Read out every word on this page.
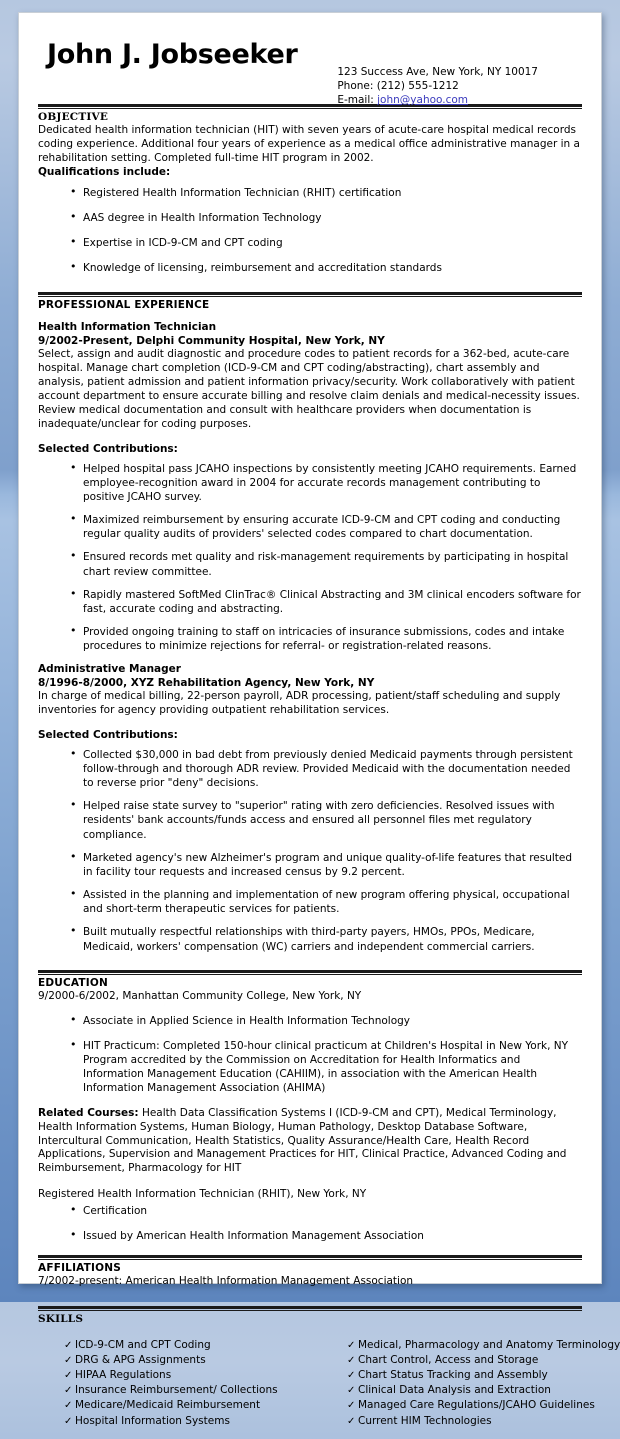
John J. Jobseeker
123 Success Ave, New York, NY 10017
Phone: (212) 555-1212
E-mail: john@yahoo.com
OBJECTIVE

Dedicated health information technician (HIT) with seven years of acute-care hospital medical records coding experience. Additional four years of experience as a medical office administrative manager in a rehabilitation setting. Completed full-time HIT program in 2002.

Qualifications include:
• Registered Health Information Technician (RHIT) certification
• AAS degree in Health Information Technology
• Expertise in ICD-9-CM and CPT coding
• Knowledge of licensing, reimbursement and accreditation standards
PROFESSIONAL EXPERIENCE
Health Information Technician
9/2002-Present, Delphi Community Hospital, New York, NY

Select, assign and audit diagnostic and procedure codes to patient records for a 362-bed, acute-care hospital. Manage chart completion (ICD-9-CM and CPT coding/abstracting), chart assembly and analysis, patient admission and patient information privacy/security. Work collaboratively with patient account department to ensure accurate billing and resolve claim denials and medical-necessity issues. Review medical documentation and consult with healthcare providers when documentation is inadequate/unclear for coding purposes.

Selected Contributions:
• Helped hospital pass JCAHO inspections by consistently meeting JCAHO requirements. Earned employee-recognition award in 2004 for accurate records management contributing to positive JCAHO survey.
• Maximized reimbursement by ensuring accurate ICD-9-CM and CPT coding and conducting regular quality audits of providers' selected codes compared to chart documentation.
• Ensured records met quality and risk-management requirements by participating in hospital chart review committee.
• Rapidly mastered SoftMed ClinTrac® Clinical Abstracting and 3M clinical encoders software for fast, accurate coding and abstracting.
• Provided ongoing training to staff on intricacies of insurance submissions, codes and intake procedures to minimize rejections for referral- or registration-related reasons.
Administrative Manager
8/1996-8/2000, XYZ Rehabilitation Agency, New York, NY

In charge of medical billing, 22-person payroll, ADR processing, patient/staff scheduling and supply inventories for agency providing outpatient rehabilitation services.

Selected Contributions:
• Collected $30,000 in bad debt from previously denied Medicaid payments through persistent follow-through and thorough ADR review. Provided Medicaid with the documentation needed to reverse prior "deny" decisions.
• Helped raise state survey to "superior" rating with zero deficiencies. Resolved issues with residents' bank accounts/funds access and ensured all personnel files met regulatory compliance.
• Marketed agency's new Alzheimer's program and unique quality-of-life features that resulted in facility tour requests and increased census by 9.2 percent.
• Assisted in the planning and implementation of new program offering physical, occupational and short-term therapeutic services for patients.
• Built mutually respectful relationships with third-party payers, HMOs, PPOs, Medicare, Medicaid, workers' compensation (WC) carriers and independent commercial carriers.
EDUCATION

9/2000-6/2002, Manhattan Community College, New York, NY

• Associate in Applied Science in Health Information Technology
• HIT Practicum: Completed 150-hour clinical practicum at Children's Hospital in New York, NY Program accredited by the Commission on Accreditation for Health Informatics and Information Management Education (CAHIIM), in association with the American Health Information Management Association (AHIMA)

Related Courses: Health Data Classification Systems I (ICD-9-CM and CPT), Medical Terminology, Health Information Systems, Human Biology, Human Pathology, Desktop Database Software, Intercultural Communication, Health Statistics, Quality Assurance/Health Care, Health Record Applications, Supervision and Management Practices for HIT, Clinical Practice, Advanced Coding and Reimbursement, Pharmacology for HIT

Registered Health Information Technician (RHIT), New York, NY

• Certification
• Issued by American Health Information Management Association
AFFILIATIONS

7/2002-present: American Health Information Management Association

SKILLS
✓ ICD-9-CM and CPT Coding
✓ DRG & APG Assignments
✓ HIPAA Regulations
✓ Insurance Reimbursement/ Collections
✓ Medicare/Medicaid Reimbursement
✓ Hospital Information Systems
✓ Medical, Pharmacology and Anatomy Terminology
✓ Chart Control, Access and Storage
✓ Chart Status Tracking and Assembly
✓ Clinical Data Analysis and Extraction
✓ Managed Care Regulations/JCAHO Guidelines
✓ Current HIM Technologies
